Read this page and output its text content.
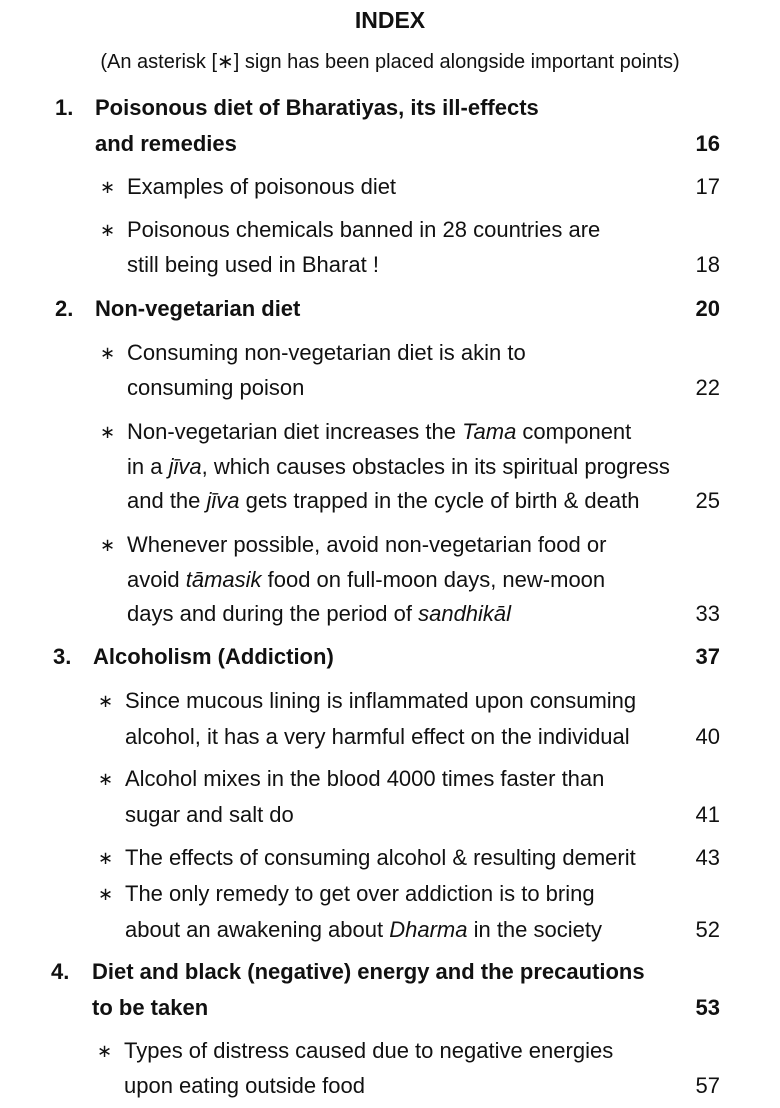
INDEX
(An asterisk [∗] sign has been placed alongside important points)
1. Poisonous diet of Bharatiyas, its ill-effects
and remedies	16
∗ Examples of poisonous diet	17
∗ Poisonous chemicals banned in 28 countries are
still being used in Bharat !	18
2. Non-vegetarian diet	20
∗ Consuming non-vegetarian diet is akin to
consuming poison	22
∗ Non-vegetarian diet increases the Tama component
in a jīva, which causes obstacles in its spiritual progress
and the jīva gets trapped in the cycle of birth & death	25
∗ Whenever possible, avoid non-vegetarian food or
avoid tāmasik food on full-moon days, new-moon
days and during the period of sandhikāl	33
3. Alcoholism (Addiction)	37
∗ Since mucous lining is inflammated upon consuming
alcohol, it has a very harmful effect on the individual	40
∗ Alcohol mixes in the blood 4000 times faster than
sugar and salt do	41
∗ The effects of consuming alcohol & resulting demerit	43
∗ The only remedy to get over addiction is to bring
about an awakening about Dharma in the society	52
4. Diet and black (negative) energy and the precautions
to be taken	53
∗ Types of distress caused due to negative energies
upon eating outside food	57
